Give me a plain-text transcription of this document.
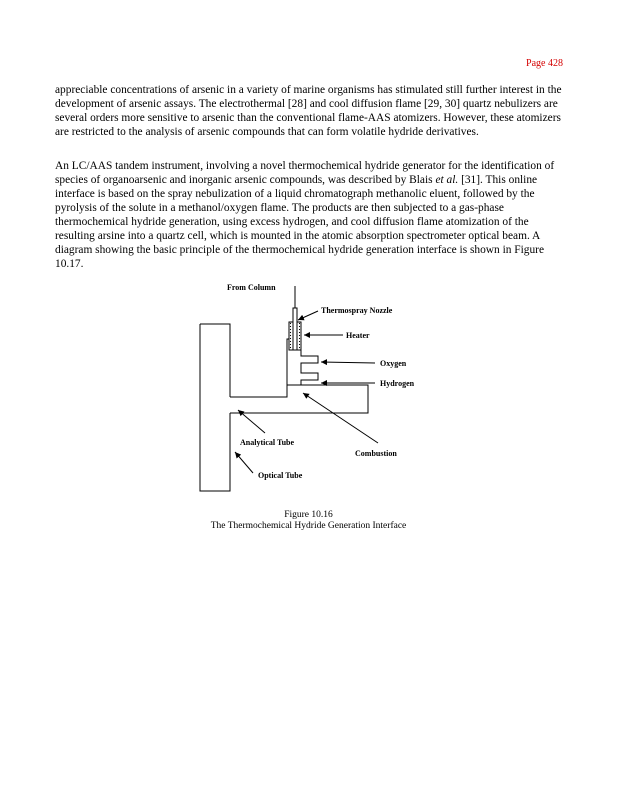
Page 428

appreciable concentrations of arsenic in a variety of marine organisms has stimulated still further interest in the development of arsenic assays. The electrothermal [28] and cool diffusion flame [29, 30] quartz nebulizers are several orders more sensitive to arsenic than the conventional flame-AAS atomizers. However, these atomizers are restricted to the analysis of arsenic compounds that can form volatile hydride derivatives.

An LC/AAS tandem instrument, involving a novel thermochemical hydride generator for the identification of species of organoarsenic and inorganic arsenic compounds, was described by Blais et al. [31]. This online interface is based on the spray nebulization of a liquid chromatograph methanolic eluent, followed by the pyrolysis of the solute in a methanol/oxygen flame. The products are then subjected to a gas-phase thermochemical hydride generation, using excess hydrogen, and cool diffusion flame atomization of the resulting arsine into a quartz cell, which is mounted in the atomic absorption spectrometer optical beam. A diagram showing the basic principle of the thermochemical hydride generation interface is shown in Figure 10.17.

From Column
Thermospray Nozzle
Heater
Oxygen
Hydrogen
Analytical Tube
Combustion
Optical Tube

Figure 10.16

The Thermochemical Hydride Generation Interface
